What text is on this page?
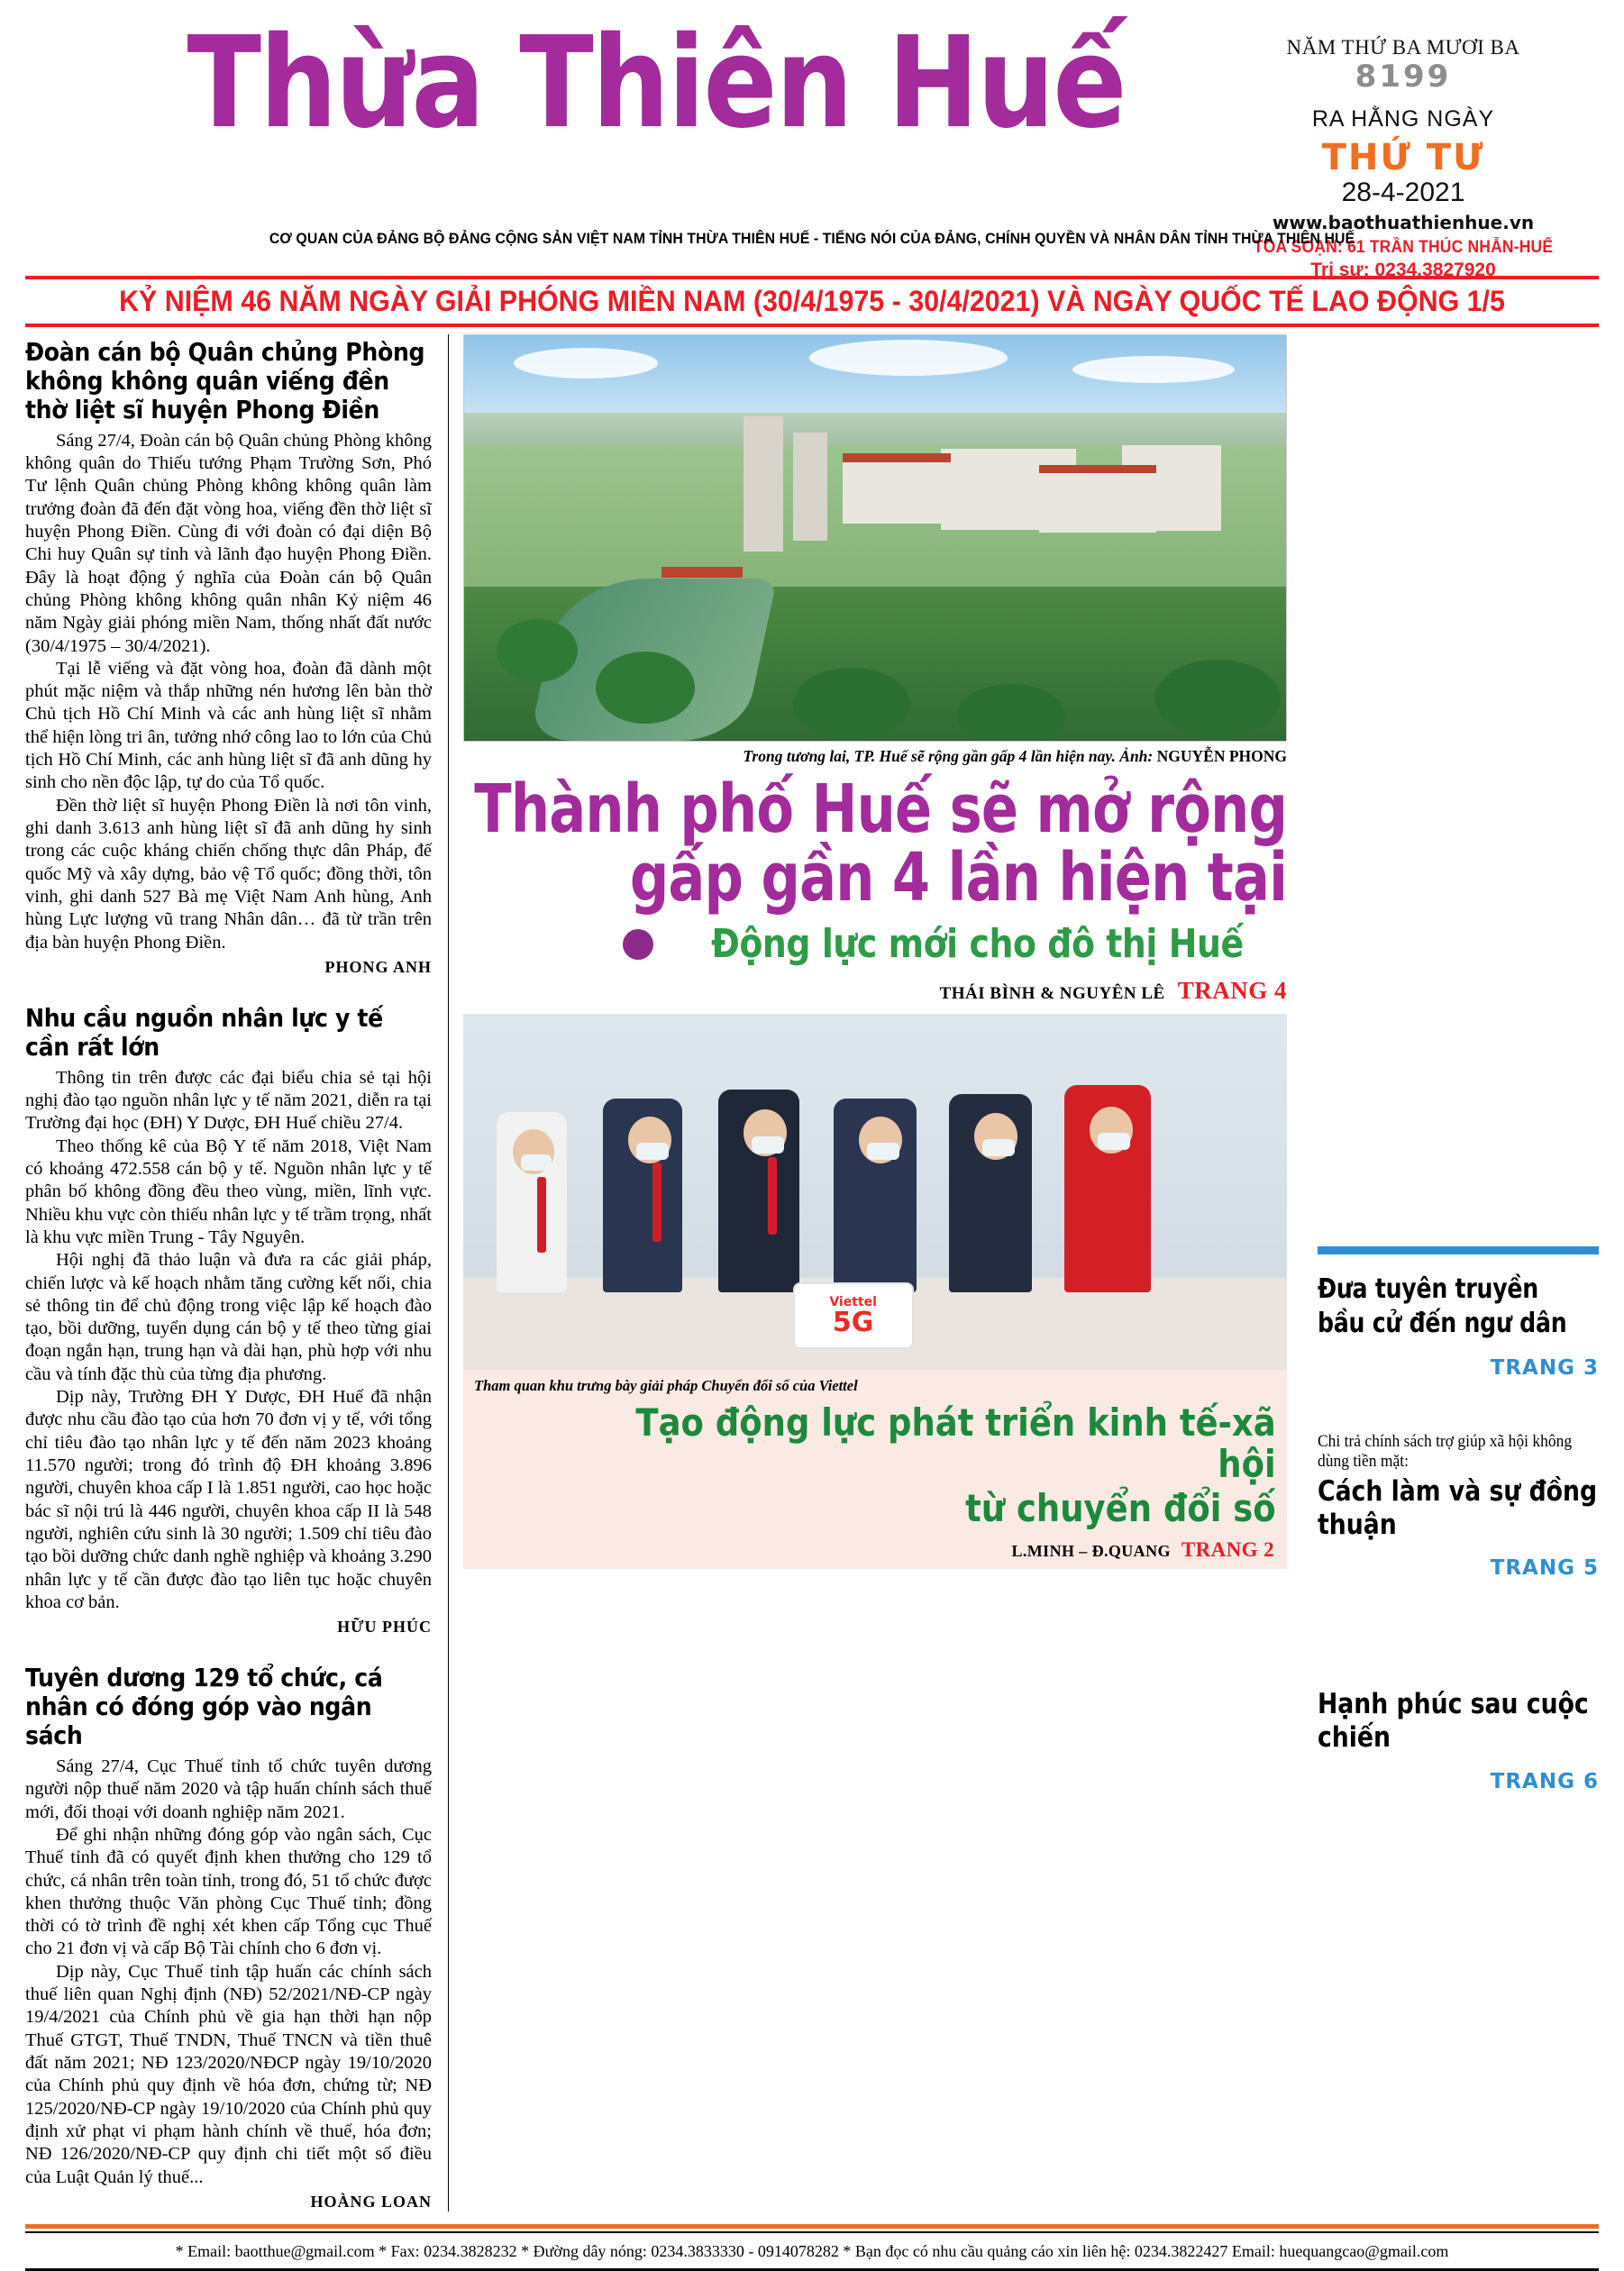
Thừa Thiên Huế	NĂM THỨ BA MƯƠI BA
8199
RA HẰNG NGÀY
THỨ TƯ
28-4-2021
www.baothuathienhue.vn
TÒA SOẠN: 61 TRẦN THÚC NHẪN-HUẾ
Trị sự: 0234.3827920
CƠ QUAN CỦA ĐẢNG BỘ ĐẢNG CỘNG SẢN VIỆT NAM TỈNH THỪA THIÊN HUẾ - TIẾNG NÓI CỦA ĐẢNG, CHÍNH QUYỀN VÀ NHÂN DÂN TỈNH THỪA THIÊN HUẾ
KỶ NIỆM 46 NĂM NGÀY GIẢI PHÓNG MIỀN NAM (30/4/1975 - 30/4/2021) VÀ NGÀY QUỐC TẾ LAO ĐỘNG 1/5
Đoàn cán bộ Quân chủng Phòng không không quân viếng đền thờ liệt sĩ huyện Phong Điền

Sáng 27/4, Đoàn cán bộ Quân chủng Phòng không không quân do Thiếu tướng Phạm Trường Sơn, Phó Tư lệnh Quân chủng Phòng không không quân làm trưởng đoàn đã đến đặt vòng hoa, viếng đền thờ liệt sĩ huyện Phong Điền. Cùng đi với đoàn có đại diện Bộ Chi huy Quân sự tỉnh và lãnh đạo huyện Phong Điền. Đây là hoạt động ý nghĩa của Đoàn cán bộ Quân chủng Phòng không không quân nhân Kỷ niệm 46 năm Ngày giải phóng miền Nam, thống nhất đất nước (30/4/1975 – 30/4/2021).

Tại lễ viếng và đặt vòng hoa, đoàn đã dành một phút mặc niệm và thắp những nén hương lên bàn thờ Chủ tịch Hồ Chí Minh và các anh hùng liệt sĩ nhằm thể hiện lòng tri ân, tưởng nhớ công lao to lớn của Chủ tịch Hồ Chí Minh, các anh hùng liệt sĩ đã anh dũng hy sinh cho nền độc lập, tự do của Tổ quốc.

Đền thờ liệt sĩ huyện Phong Điền là nơi tôn vinh, ghi danh 3.613 anh hùng liệt sĩ đã anh dũng hy sinh trong các cuộc kháng chiến chống thực dân Pháp, đế quốc Mỹ và xây dựng, bảo vệ Tổ quốc; đồng thời, tôn vinh, ghi danh 527 Bà mẹ Việt Nam Anh hùng, Anh hùng Lực lượng vũ trang Nhân dân… đã từ trần trên địa bàn huyện Phong Điền.

PHONG ANH
Nhu cầu nguồn nhân lực y tế cần rất lớn

Thông tin trên được các đại biểu chia sẻ tại hội nghị đào tạo nguồn nhân lực y tế năm 2021, diễn ra tại Trường đại học (ĐH) Y Dược, ĐH Huế chiều 27/4.

Theo thống kê của Bộ Y tế năm 2018, Việt Nam có khoảng 472.558 cán bộ y tế. Nguồn nhân lực y tế phân bố không đồng đều theo vùng, miền, lĩnh vực. Nhiều khu vực còn thiếu nhân lực y tế trầm trọng, nhất là khu vực miền Trung - Tây Nguyên.

Hội nghị đã thảo luận và đưa ra các giải pháp, chiến lược và kế hoạch nhằm tăng cường kết nối, chia sẻ thông tin để chủ động trong việc lập kế hoạch đào tạo, bồi dưỡng, tuyển dụng cán bộ y tế theo từng giai đoạn ngắn hạn, trung hạn và dài hạn, phù hợp với nhu cầu và tính đặc thù của từng địa phương.

Dịp này, Trường ĐH Y Dược, ĐH Huế đã nhận được nhu cầu đào tạo của hơn 70 đơn vị y tế, với tổng chỉ tiêu đào tạo nhân lực y tế đến năm 2023 khoảng 11.570 người; trong đó trình độ ĐH khoảng 3.896 người, chuyên khoa cấp I là 1.851 người, cao học hoặc bác sĩ nội trú là 446 người, chuyên khoa cấp II là 548 người, nghiên cứu sinh là 30 người; 1.509 chỉ tiêu đào tạo bồi dưỡng chức danh nghề nghiệp và khoảng 3.290 nhân lực y tế cần được đào tạo liên tục hoặc chuyên khoa cơ bản.

HỮU PHÚC
Tuyên dương 129 tổ chức, cá nhân có đóng góp vào ngân sách

Sáng 27/4, Cục Thuế tỉnh tổ chức tuyên dương người nộp thuế năm 2020 và tập huấn chính sách thuế mới, đối thoại với doanh nghiệp năm 2021.

Để ghi nhận những đóng góp vào ngân sách, Cục Thuế tỉnh đã có quyết định khen thưởng cho 129 tổ chức, cá nhân trên toàn tỉnh, trong đó, 51 tổ chức được khen thưởng thuộc Văn phòng Cục Thuế tỉnh; đồng thời có tờ trình đề nghị xét khen cấp Tổng cục Thuế cho 21 đơn vị và cấp Bộ Tài chính cho 6 đơn vị.

Dịp này, Cục Thuế tỉnh tập huấn các chính sách thuế liên quan Nghị định (NĐ) 52/2021/NĐ-CP ngày 19/4/2021 của Chính phủ về gia hạn thời hạn nộp Thuế GTGT, Thuế TNDN, Thuế TNCN và tiền thuê đất năm 2021; NĐ 123/2020/NĐCP ngày 19/10/2020 của Chính phủ quy định về hóa đơn, chứng từ; NĐ 125/2020/NĐ-CP ngày 19/10/2020 của Chính phủ quy định xử phạt vi phạm hành chính về thuế, hóa đơn; NĐ 126/2020/NĐ-CP quy định chi tiết một số điều của Luật Quản lý thuế...

HOÀNG LOAN
Trong tương lai, TP. Huế sẽ rộng gần gấp 4 lần hiện nay. Ảnh: NGUYỄN PHONG
Thành phố Huế sẽ mở rộng
gấp gần 4 lần hiện tại
Động lực mới cho đô thị Huế
THÁI BÌNH & NGUYÊN LÊ TRANG 4
Viettel
5G
Tham quan khu trưng bày giải pháp Chuyển đổi số của Viettel
Tạo động lực phát triển kinh tế-xã hội
từ chuyển đổi số
L.MINH – Đ.QUANG TRANG 2
Đưa tuyên truyền
bầu cử đến ngư dân
TRANG 3
Chi trả chính sách trợ giúp xã hội không dùng tiền mặt:
Cách làm và sự đồng thuận
TRANG 5
Hạnh phúc sau cuộc chiến
TRANG 6
* Email: baotthue@gmail.com * Fax: 0234.3828232 * Đường dây nóng: 0234.3833330 - 0914078282 * Bạn đọc có nhu cầu quảng cáo xin liên hệ: 0234.3822427 Email: huequangcao@gmail.com
